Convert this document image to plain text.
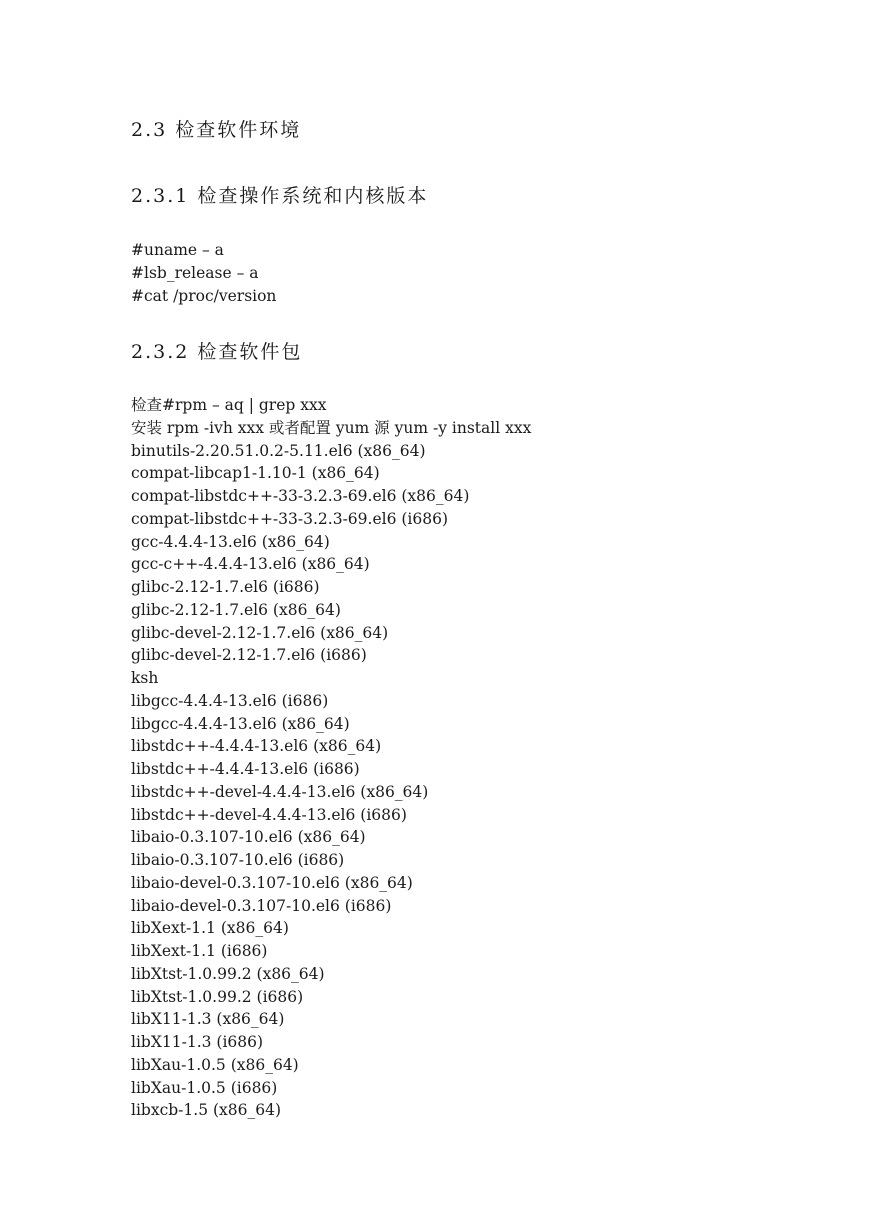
2.3 检查软件环境
2.3.1 检查操作系统和内核版本
#uname – a
#lsb_release – a
#cat /proc/version
2.3.2 检查软件包
检查#rpm – aq | grep xxx
安装 rpm -ivh xxx 或者配置 yum 源 yum -y install xxx
binutils-2.20.51.0.2-5.11.el6 (x86_64)
compat-libcap1-1.10-1 (x86_64)
compat-libstdc++-33-3.2.3-69.el6 (x86_64)
compat-libstdc++-33-3.2.3-69.el6 (i686)
gcc-4.4.4-13.el6 (x86_64)
gcc-c++-4.4.4-13.el6 (x86_64)
glibc-2.12-1.7.el6 (i686)
glibc-2.12-1.7.el6 (x86_64)
glibc-devel-2.12-1.7.el6 (x86_64)
glibc-devel-2.12-1.7.el6 (i686)
ksh
libgcc-4.4.4-13.el6 (i686)
libgcc-4.4.4-13.el6 (x86_64)
libstdc++-4.4.4-13.el6 (x86_64)
libstdc++-4.4.4-13.el6 (i686)
libstdc++-devel-4.4.4-13.el6 (x86_64)
libstdc++-devel-4.4.4-13.el6 (i686)
libaio-0.3.107-10.el6 (x86_64)
libaio-0.3.107-10.el6 (i686)
libaio-devel-0.3.107-10.el6 (x86_64)
libaio-devel-0.3.107-10.el6 (i686)
libXext-1.1 (x86_64)
libXext-1.1 (i686)
libXtst-1.0.99.2 (x86_64)
libXtst-1.0.99.2 (i686)
libX11-1.3 (x86_64)
libX11-1.3 (i686)
libXau-1.0.5 (x86_64)
libXau-1.0.5 (i686)
libxcb-1.5 (x86_64)
